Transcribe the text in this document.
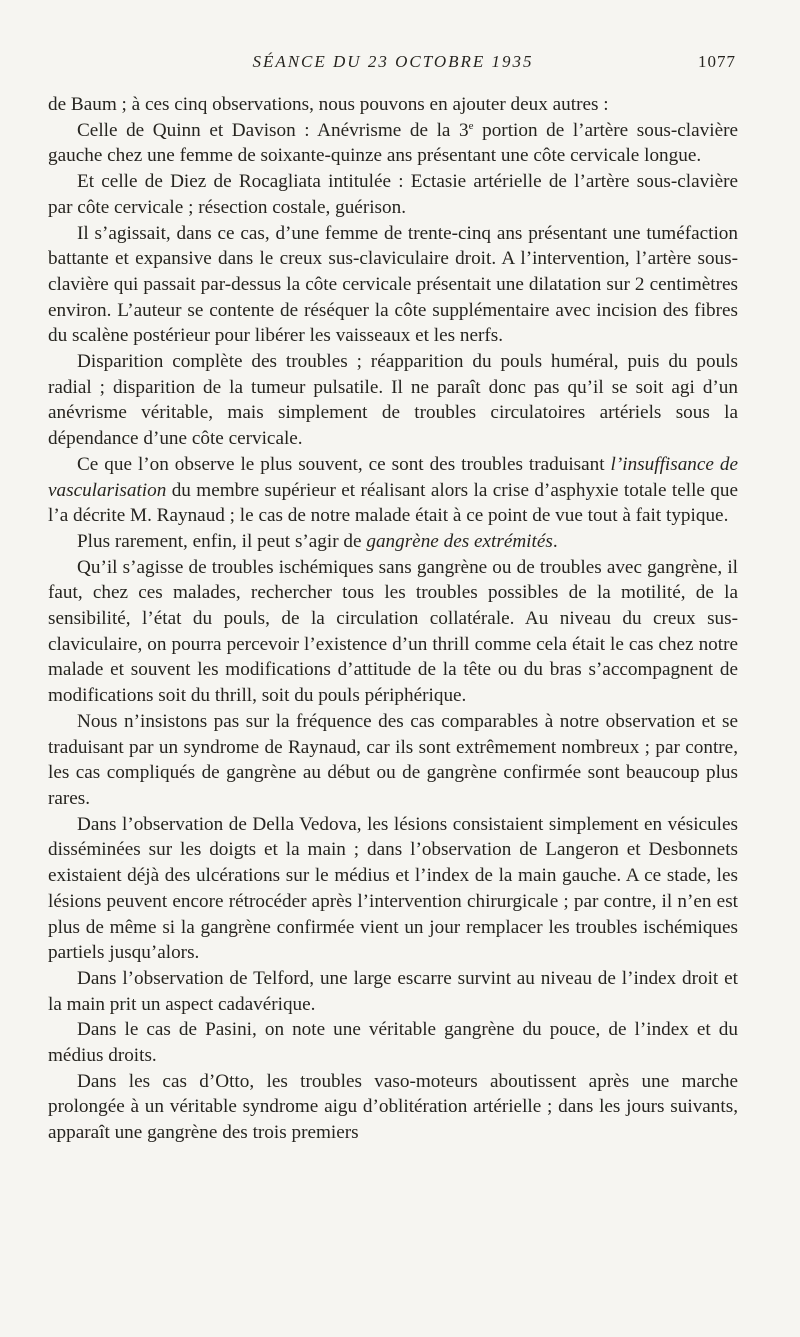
SÉANCE DU 23 OCTOBRE 1935	1077

de Baum ; à ces cinq observations, nous pouvons en ajouter deux autres :

Celle de Quinn et Davison : Anévrisme de la 3e portion de l’artère sous-clavière gauche chez une femme de soixante-quinze ans présentant une côte cervicale longue.

Et celle de Diez de Rocagliata intitulée : Ectasie artérielle de l’artère sous-clavière par côte cervicale ; résection costale, guérison.

Il s’agissait, dans ce cas, d’une femme de trente-cinq ans présentant une tuméfaction battante et expansive dans le creux sus-claviculaire droit. A l’intervention, l’artère sous-clavière qui passait par-dessus la côte cervicale présentait une dilatation sur 2 centimètres environ. L’auteur se contente de réséquer la côte supplémentaire avec incision des fibres du scalène postérieur pour libérer les vaisseaux et les nerfs.

Disparition complète des troubles ; réapparition du pouls huméral, puis du pouls radial ; disparition de la tumeur pulsatile. Il ne paraît donc pas qu’il se soit agi d’un anévrisme véritable, mais simplement de troubles circulatoires artériels sous la dépendance d’une côte cervicale.

Ce que l’on observe le plus souvent, ce sont des troubles traduisant l’insuffisance de vascularisation du membre supérieur et réalisant alors la crise d’asphyxie totale telle que l’a décrite M. Raynaud ; le cas de notre malade était à ce point de vue tout à fait typique.

Plus rarement, enfin, il peut s’agir de gangrène des extrémités.

Qu’il s’agisse de troubles ischémiques sans gangrène ou de troubles avec gangrène, il faut, chez ces malades, rechercher tous les troubles possibles de la motilité, de la sensibilité, l’état du pouls, de la circulation collatérale. Au niveau du creux sus-claviculaire, on pourra percevoir l’existence d’un thrill comme cela était le cas chez notre malade et souvent les modifications d’attitude de la tête ou du bras s’accompagnent de modifications soit du thrill, soit du pouls périphérique.

Nous n’insistons pas sur la fréquence des cas comparables à notre observation et se traduisant par un syndrome de Raynaud, car ils sont extrêmement nombreux ; par contre, les cas compliqués de gangrène au début ou de gangrène confirmée sont beaucoup plus rares.

Dans l’observation de Della Vedova, les lésions consistaient simplement en vésicules disséminées sur les doigts et la main ; dans l’observation de Langeron et Desbonnets existaient déjà des ulcérations sur le médius et l’index de la main gauche. A ce stade, les lésions peuvent encore rétrocéder après l’intervention chirurgicale ; par contre, il n’en est plus de même si la gangrène confirmée vient un jour remplacer les troubles ischémiques partiels jusqu’alors.

Dans l’observation de Telford, une large escarre survint au niveau de l’index droit et la main prit un aspect cadavérique.

Dans le cas de Pasini, on note une véritable gangrène du pouce, de l’index et du médius droits.

Dans les cas d’Otto, les troubles vaso-moteurs aboutissent après une marche prolongée à un véritable syndrome aigu d’oblitération artérielle ; dans les jours suivants, apparaît une gangrène des trois premiers
